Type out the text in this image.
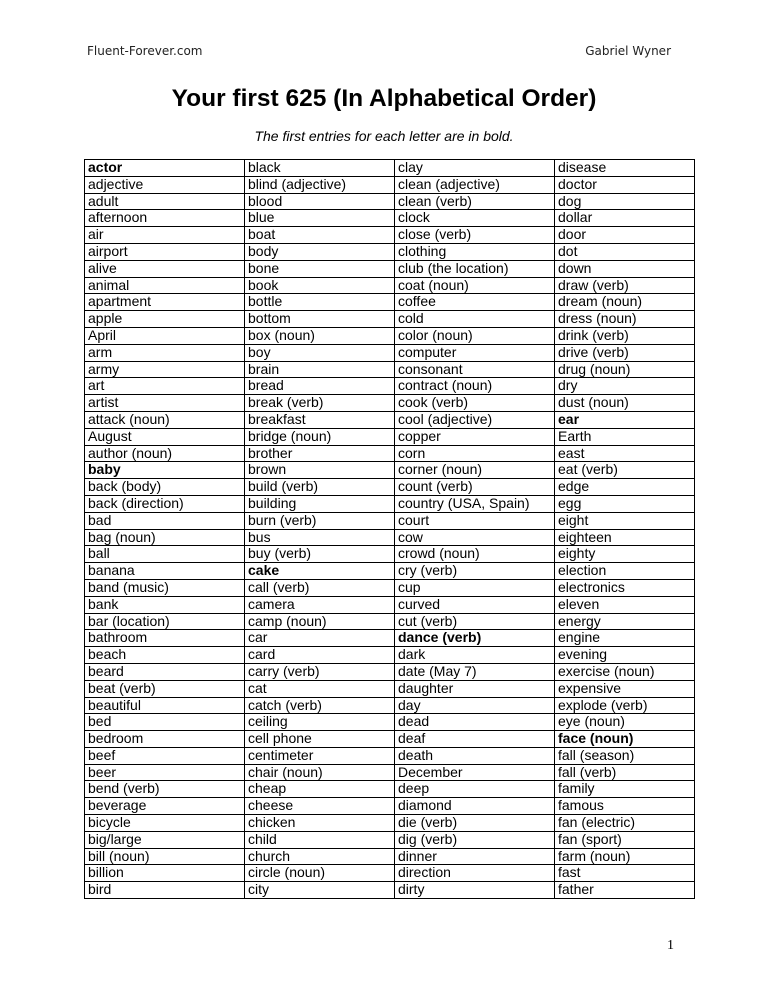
Fluent-Forever.com	Gabriel Wyner
Your first 625 (In Alphabetical Order)
The first entries for each letter are in bold.
actor	black	clay	disease
adjective	blind (adjective)	clean (adjective)	doctor
adult	blood	clean (verb)	dog
afternoon	blue	clock	dollar
air	boat	close (verb)	door
airport	body	clothing	dot
alive	bone	club (the location)	down
animal	book	coat (noun)	draw (verb)
apartment	bottle	coffee	dream (noun)
apple	bottom	cold	dress (noun)
April	box (noun)	color (noun)	drink (verb)
arm	boy	computer	drive (verb)
army	brain	consonant	drug (noun)
art	bread	contract (noun)	dry
artist	break (verb)	cook (verb)	dust (noun)
attack (noun)	breakfast	cool (adjective)	ear
August	bridge (noun)	copper	Earth
author (noun)	brother	corn	east
baby	brown	corner (noun)	eat (verb)
back (body)	build (verb)	count (verb)	edge
back (direction)	building	country (USA, Spain)	egg
bad	burn (verb)	court	eight
bag (noun)	bus	cow	eighteen
ball	buy (verb)	crowd (noun)	eighty
banana	cake	cry (verb)	election
band (music)	call (verb)	cup	electronics
bank	camera	curved	eleven
bar (location)	camp (noun)	cut (verb)	energy
bathroom	car	dance (verb)	engine
beach	card	dark	evening
beard	carry (verb)	date (May 7)	exercise (noun)
beat (verb)	cat	daughter	expensive
beautiful	catch (verb)	day	explode (verb)
bed	ceiling	dead	eye (noun)
bedroom	cell phone	deaf	face (noun)
beef	centimeter	death	fall (season)
beer	chair (noun)	December	fall (verb)
bend (verb)	cheap	deep	family
beverage	cheese	diamond	famous
bicycle	chicken	die (verb)	fan (electric)
big/large	child	dig (verb)	fan (sport)
bill (noun)	church	dinner	farm (noun)
billion	circle (noun)	direction	fast
bird	city	dirty	father
1
